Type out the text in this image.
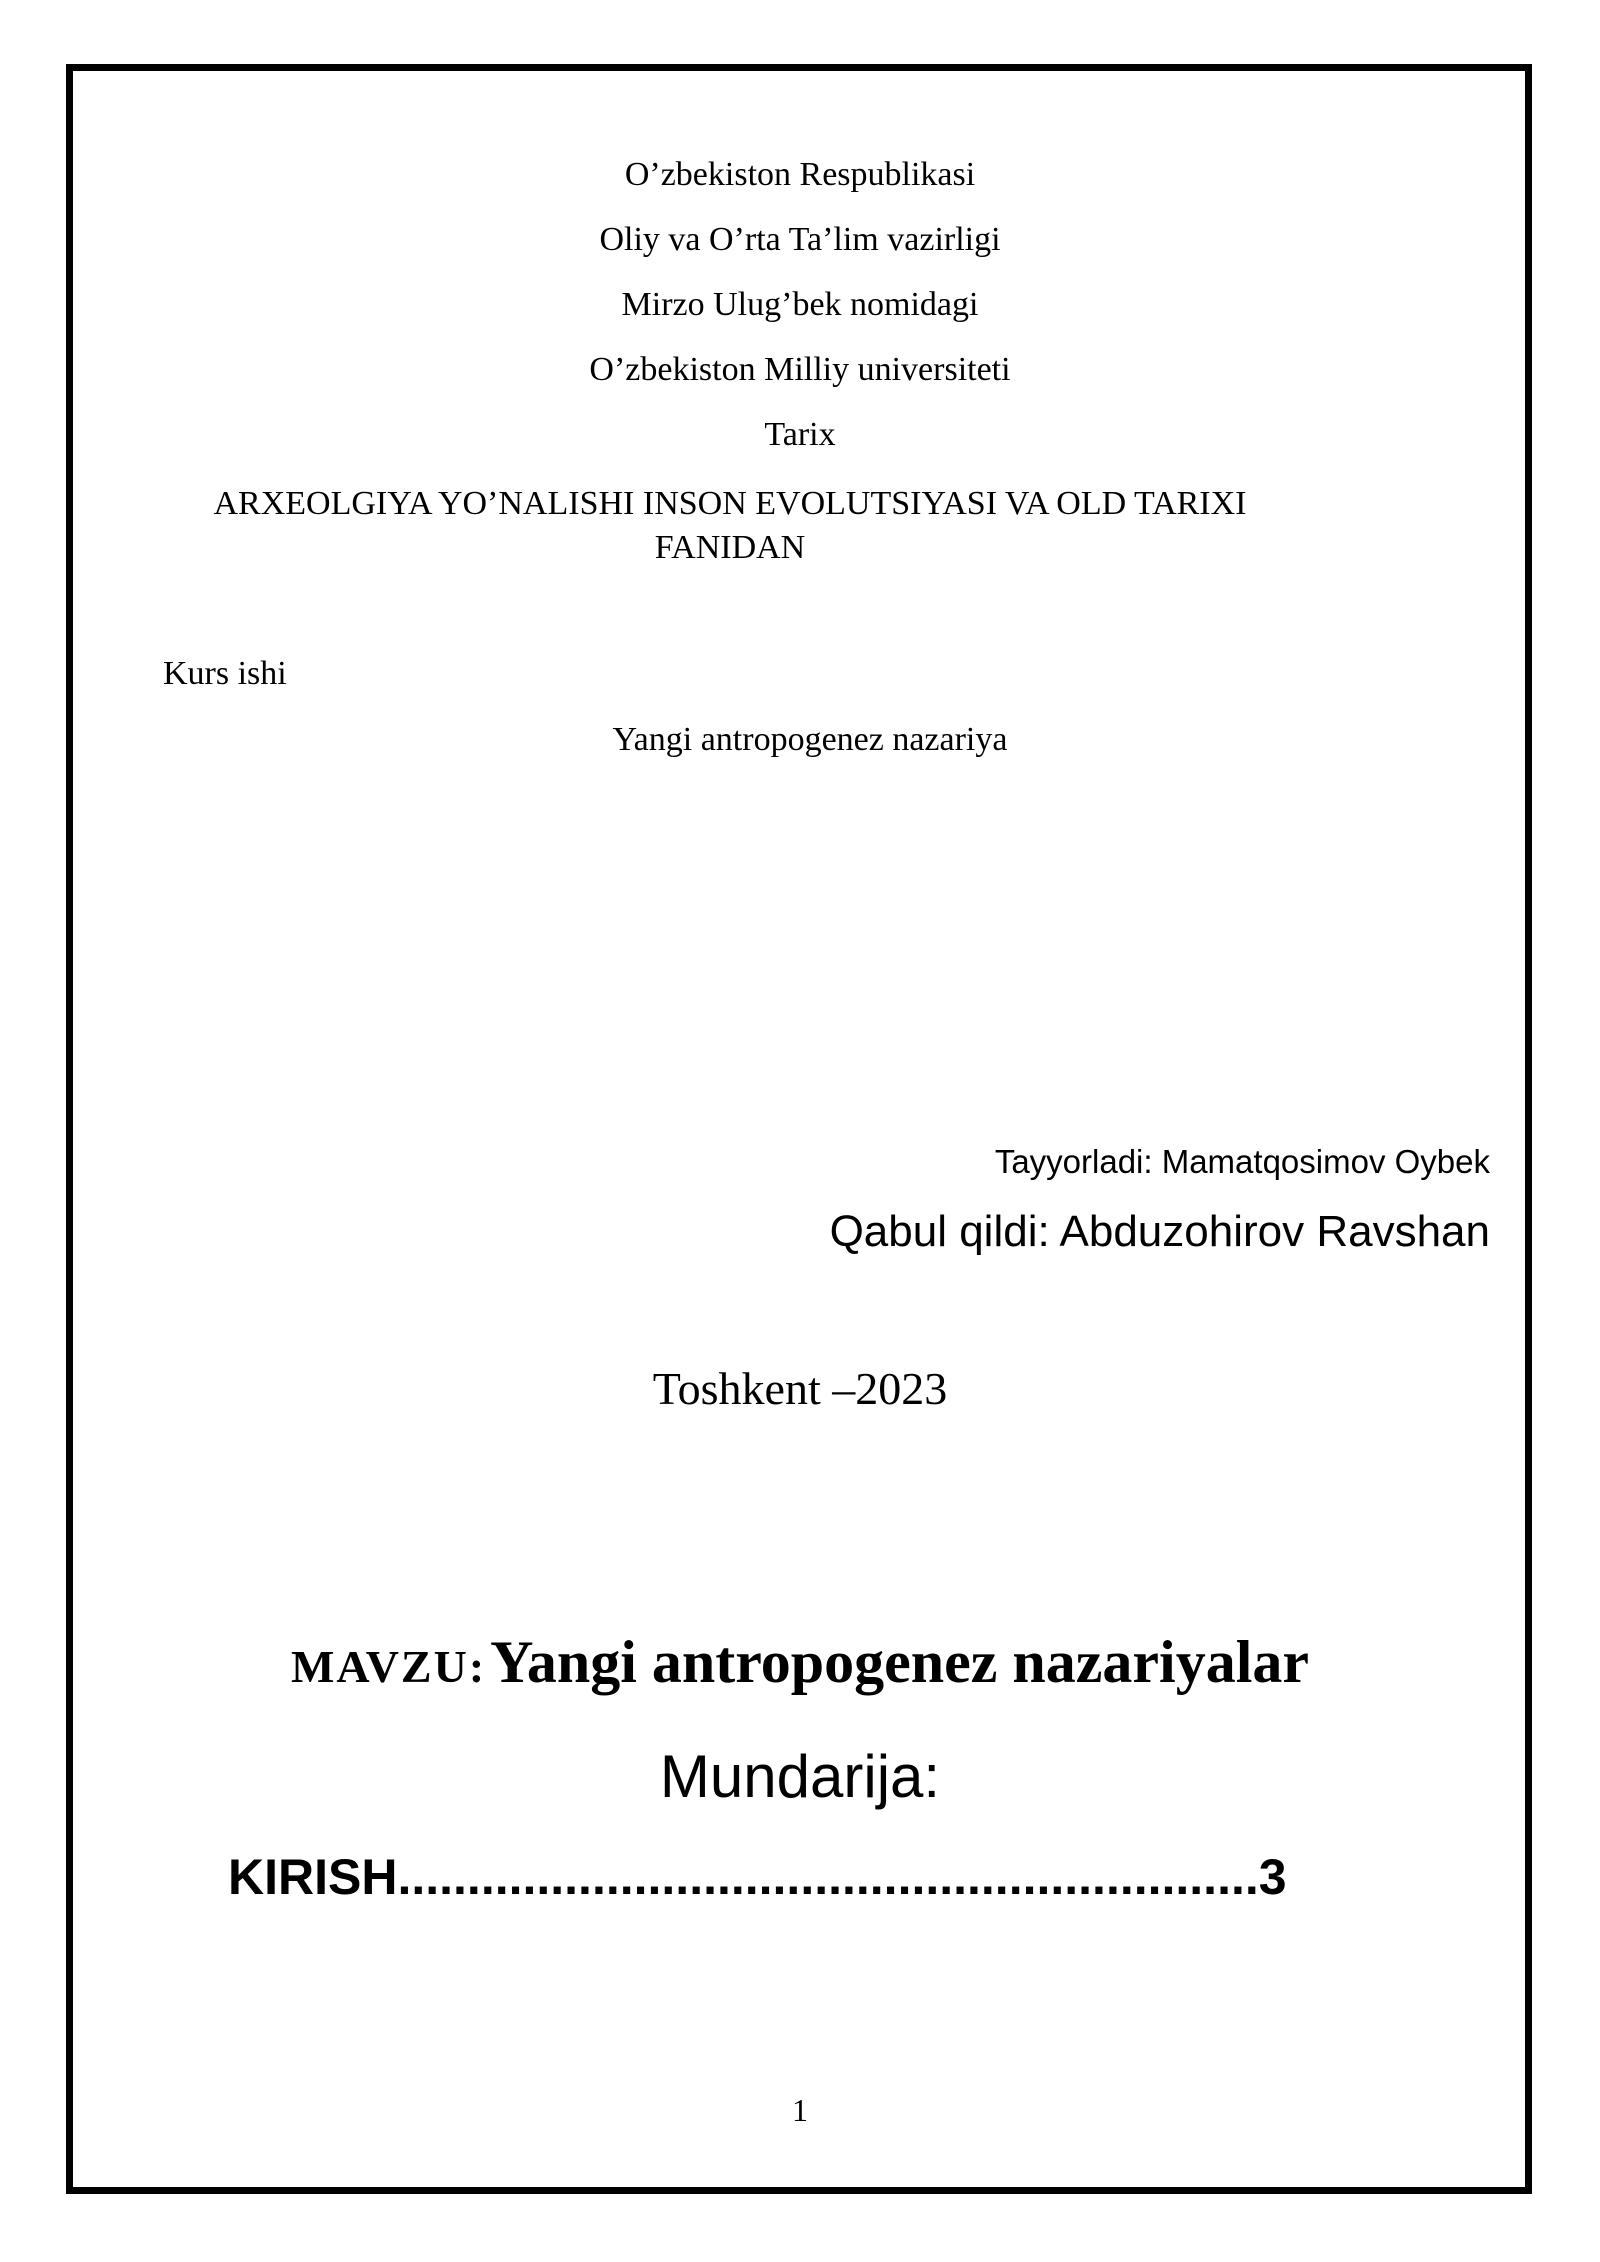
O’zbekiston Respublikasi
Oliy va O’rta Ta’lim vazirligi
Mirzo Ulug’bek nomidagi
O’zbekiston Milliy universiteti
Tarix
ARXEOLGIYA YO’NALISHI INSON EVOLUTSIYASI VA OLD TARIXI FANIDAN
Kurs ishi
Yangi antropogenez nazariya
Tayyorladi: Mamatqosimov Oybek
Qabul qildi: Abduzohirov Ravshan
Toshkent –2023
MAVZU: Yangi antropogenez nazariyalar
Mundarija:
KIRISH..............................................................3
1
